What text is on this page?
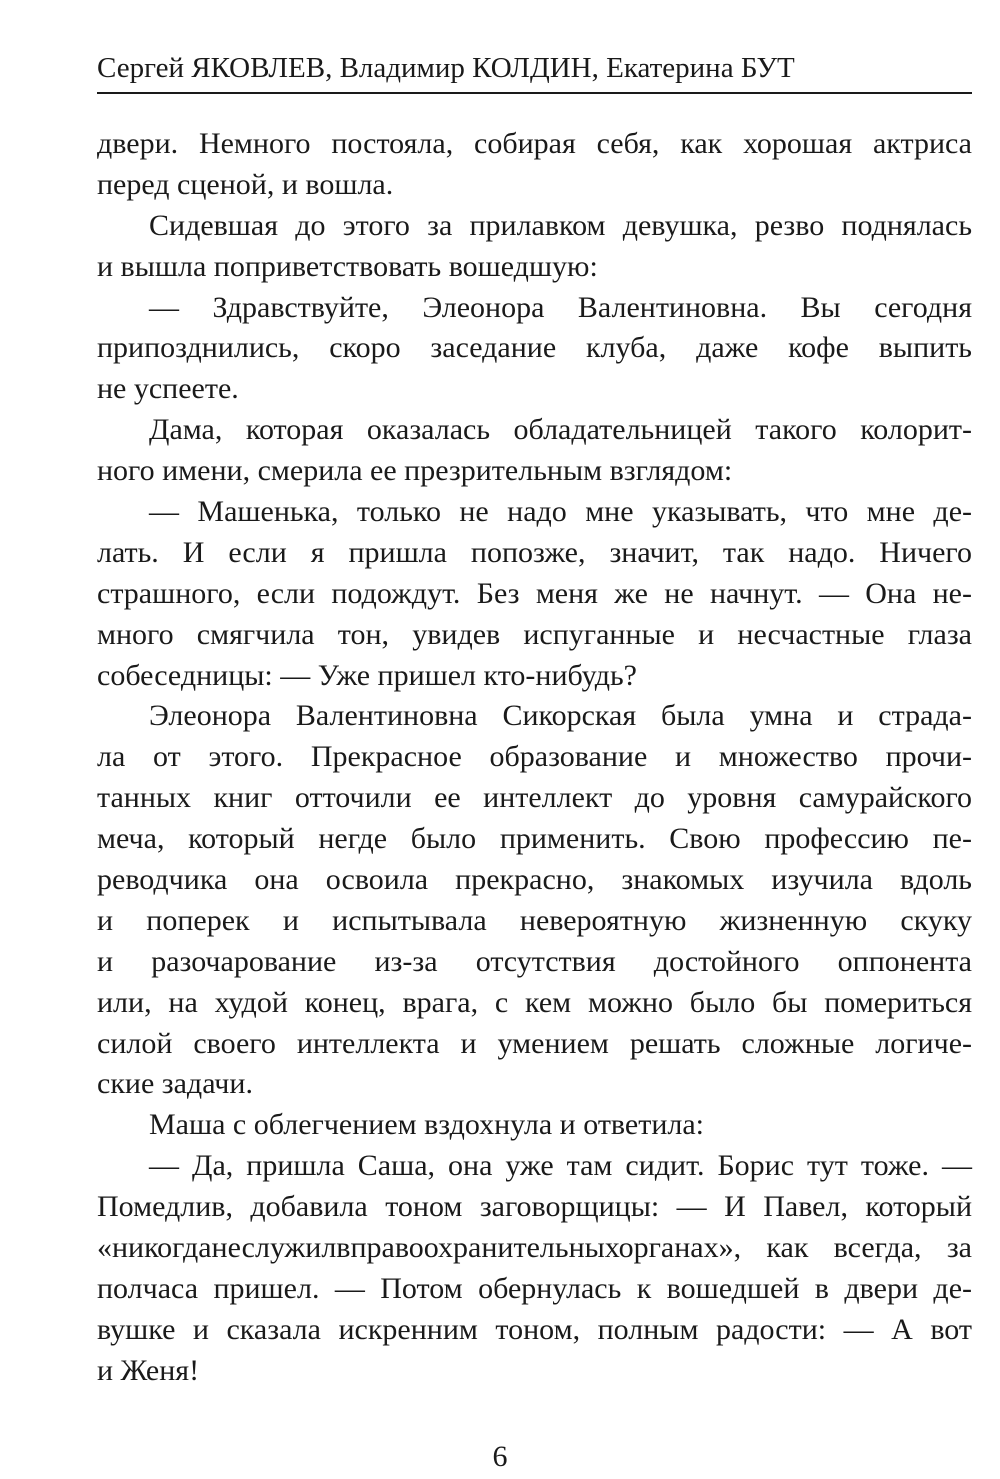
Сергей ЯКОВЛЕВ, Владимир КОЛДИН, Екатерина БУТ
двери. Немного постояла, собирая себя, как хорошая актриса
перед сценой, и вошла.
Сидевшая до этого за прилавком девушка, резво поднялась
и вышла поприветствовать вошедшую:
— Здравствуйте, Элеонора Валентиновна. Вы сегодня
припозднились, скоро заседание клуба, даже кофе выпить
не успеете.
Дама, которая оказалась обладательницей такого колорит-
ного имени, смерила ее презрительным взглядом:
— Машенька, только не надо мне указывать, что мне де-
лать. И если я пришла попозже, значит, так надо. Ничего
страшного, если подождут. Без меня же не начнут. — Она не-
много смягчила тон, увидев испуганные и несчастные глаза
собеседницы: — Уже пришел кто-нибудь?
Элеонора Валентиновна Сикорская была умна и страда-
ла от этого. Прекрасное образование и множество прочи-
танных книг отточили ее интеллект до уровня самурайского
меча, который негде было применить. Свою профессию пе-
реводчика она освоила прекрасно, знакомых изучила вдоль
и поперек и испытывала невероятную жизненную скуку
и разочарование из-за отсутствия достойного оппонента
или, на худой конец, врага, с кем можно было бы помериться
силой своего интеллекта и умением решать сложные логиче-
ские задачи.
Маша с облегчением вздохнула и ответила:
— Да, пришла Саша, она уже там сидит. Борис тут тоже. —
Помедлив, добавила тоном заговорщицы: — И Павел, который
«никогданеслужилвправоохранительныхорганах», как всегда, за
полчаса пришел. — Потом обернулась к вошедшей в двери де-
вушке и сказала искренним тоном, полным радости: — А вот
и Женя!
6
